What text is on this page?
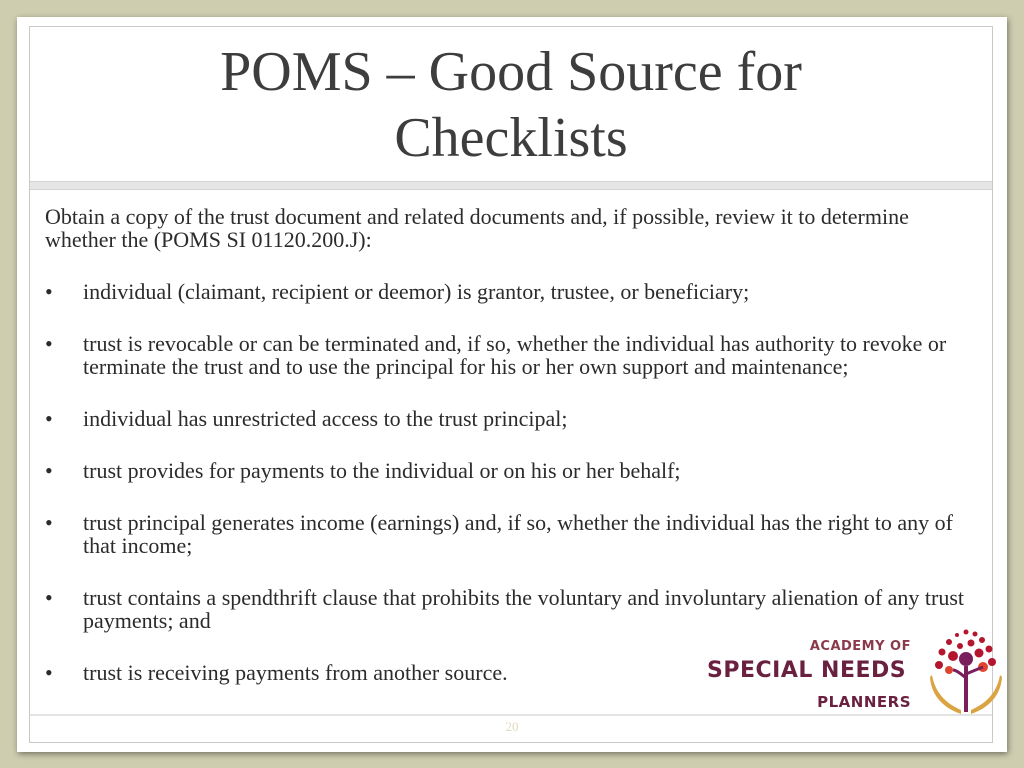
POMS – Good Source for Checklists

Obtain a copy of the trust document and related documents and, if possible, review it to determine whether the (POMS SI 01120.200.J):

• individual (claimant, recipient or deemor) is grantor, trustee, or beneficiary;
• trust is revocable or can be terminated and, if so, whether the individual has authority to revoke or terminate the trust and to use the principal for his or her own support and maintenance;
• individual has unrestricted access to the trust principal;
• trust provides for payments to the individual or on his or her behalf;
• trust principal generates income (earnings) and, if so, whether the individual has the right to any of that income;
• trust contains a spendthrift clause that prohibits the voluntary and involuntary alienation of any trust payments; and
• trust is receiving payments from another source.
20
ACADEMY OF
SPECIAL NEEDS
PLANNERS
